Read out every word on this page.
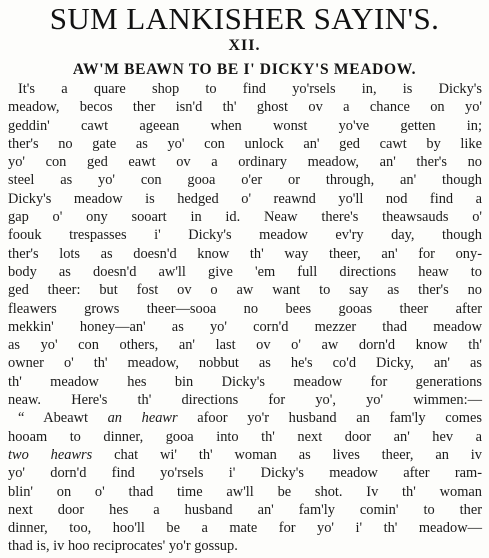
SUM LANKISHER SAYIN'S.
XII.
AW'M BEAWN TO BE I' DICKY'S MEADOW.
It's a quare shop to find yo'rsels in, is Dicky's
meadow, becos ther isn'd th' ghost ov a chance on yo'
geddin' cawt ageean when wonst yo've getten in;
ther's no gate as yo' con unlock an' ged cawt by like
yo' con ged eawt ov a ordinary meadow, an' ther's no
steel as yo' con gooa o'er or through, an' though
Dicky's meadow is hedged o' reawnd yo'll nod find a
gap o' ony sooart in id. Neaw there's theawsauds o'
foouk trespasses i' Dicky's meadow ev'ry day, though
ther's lots as doesn'd know th' way theer, an' for ony-
body as doesn'd aw'll give 'em full directions heaw to
ged theer: but fost ov o aw want to say as ther's no
fleawers grows theer—sooa no bees gooas theer after
mekkin' honey—an' as yo' corn'd mezzer thad meadow
as yo' con others, an' last ov o' aw dorn'd know th'
owner o' th' meadow, nobbut as he's co'd Dicky, an' as
th' meadow hes bin Dicky's meadow for generations
neaw. Here's th' directions for yo', yo' wimmen:—
“ Abeawt an heawr afoor yo'r husband an fam'ly comes
hooam to dinner, gooa into th' next door an' hev a
two heawrs chat wi' th' woman as lives theer, an iv
yo' dorn'd find yo'rsels i' Dicky's meadow after ram-
blin' on o' thad time aw'll be shot. Iv th' woman
next door hes a husband an' fam'ly comin' to ther
dinner, too, hoo'll be a mate for yo' i' th' meadow—
thad is, iv hoo reciprocates' yo'r gossup.
